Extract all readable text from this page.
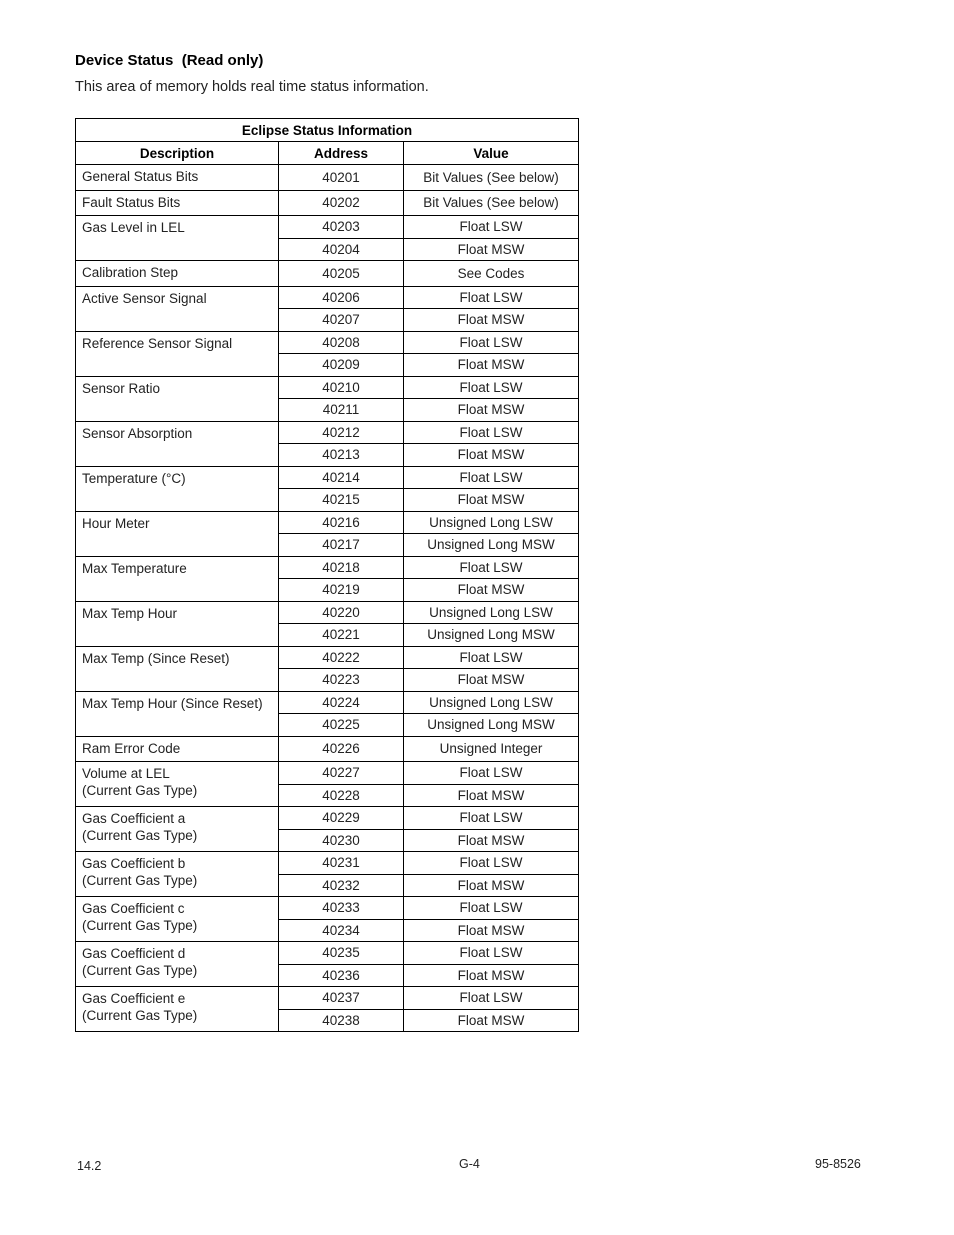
Device Status  (Read only)
This area of memory holds real time status information.
Eclipse Status Information		
Description	Address	Value

General Status Bits	40201	Bit Values (See below)

Fault Status Bits	40202	Bit Values (See below)

Gas Level in LEL	40203	Float LSW
	40204	Float MSW

Calibration Step	40205	See Codes

Active Sensor Signal	40206	Float LSW
	40207	Float MSW

Reference Sensor Signal	40208	Float LSW
	40209	Float MSW

Sensor Ratio	40210	Float LSW
	40211	Float MSW

Sensor Absorption	40212	Float LSW
	40213	Float MSW

Temperature (°C)	40214	Float LSW
	40215	Float MSW

Hour Meter	40216	Unsigned Long LSW
	40217	Unsigned Long MSW

Max Temperature	40218	Float LSW
	40219	Float MSW

Max Temp Hour	40220	Unsigned Long LSW
	40221	Unsigned Long MSW

Max Temp (Since Reset)	40222	Float LSW
	40223	Float MSW

Max Temp Hour (Since Reset)	40224	Unsigned Long LSW
	40225	Unsigned Long MSW

Ram Error Code	40226	Unsigned Integer

Volume at LEL
(Current Gas Type)	40227	Float LSW
	40228	Float MSW

Gas Coefficient a
(Current Gas Type)	40229	Float LSW
	40230	Float MSW

Gas Coefficient b
(Current Gas Type)	40231	Float LSW
	40232	Float MSW

Gas Coefficient c
(Current Gas Type)	40233	Float LSW
	40234	Float MSW

Gas Coefficient d
(Current Gas Type)	40235	Float LSW
	40236	Float MSW

Gas Coefficient e
(Current Gas Type)	40237	Float LSW
	40238	Float MSW
14.2	G-4	95-8526
